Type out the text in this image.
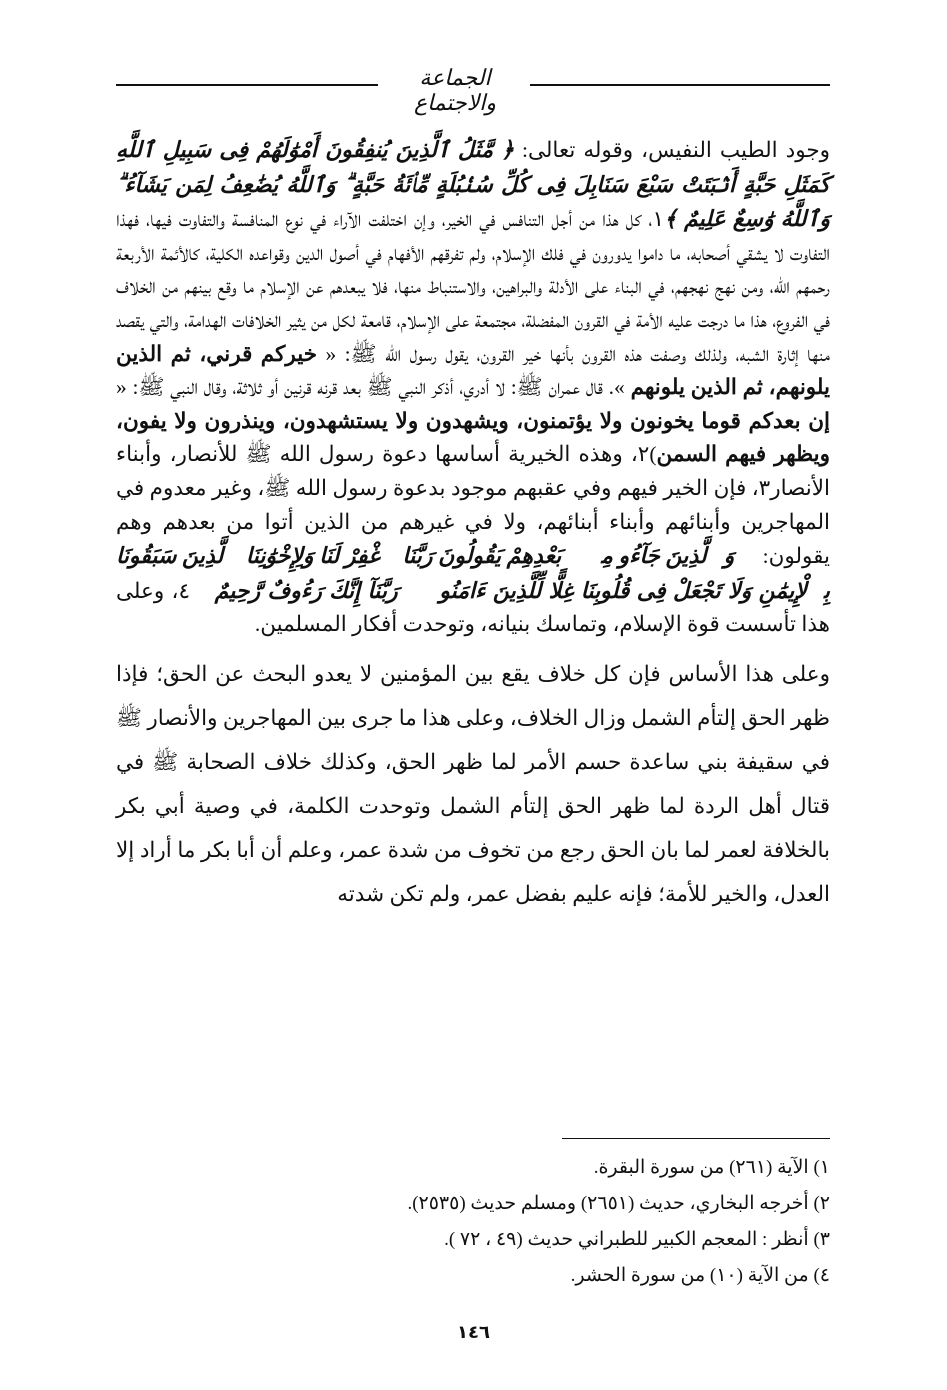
الجماعة والاجتماع

وجود الطيب النفيس، وقوله تعالى: ﴿ مَّثَلُ ٱلَّذِينَ يُنفِقُونَ أَمْوَٰلَهُمْ فِى سَبِيلِ ٱللَّهِ كَمَثَلِ حَبَّةٍ أَنۢبَتَتْ سَبْعَ سَنَابِلَ فِى كُلِّ سُنۢبُلَةٍ مِّا۟ئَةُ حَبَّةٍ ۗ وَٱللَّهُ يُضَٰعِفُ لِمَن يَشَآءُ ۗ وَٱللَّهُ وَٰسِعٌ عَلِيمٌ ﴾١، كل هذا من أجل التنافس في الخير، وإن اختلفت الآراء في نوع المنافسة والتفاوت فيها، فهذا التفاوت لا يشقي أصحابه، ما داموا يدورون في فلك الإسلام، ولم تفرقهم الأفهام في أصول الدين وقواعده الكلية، كالأئمة الأربعة رحمهم الله، ومن نهج نهجهم، في البناء على الأدلة والبراهين، والاستنباط منها، فلا يبعدهم عن الإسلام ما وقع بينهم من الخلاف في الفروع، هذا ما درجت عليه الأمة في القرون المفضلة، مجتمعة على الإسلام، قامعة لكل من يثير الخلافات الهدامة، والتي يقصد منها إثارة الشبه، ولذلك وصفت هذه القرون بأنها خير القرون، يقول رسول الله ﷺ: « خيركم قرني، ثم الذين يلونهم، ثم الذين يلونهم ». قال عمران ﷺ: لا أدري، أذكر النبي ﷺ بعد قرنه قرنين أو ثلاثة، وقال النبي ﷺ: « إن بعدكم قوما يخونون ولا يؤتمنون، ويشهدون ولا يستشهدون، وينذرون ولا يفون، ويظهر فيهم السمن)٢، وهذه الخيرية أساسها دعوة رسول الله ﷺ للأنصار، وأبناء الأنصار٣، فإن الخير فيهم وفي عقبهم موجود بدعوة رسول الله ﷺ، وغير معدوم في المهاجرين وأبنائهم وأبناء أبنائهم، ولا في غيرهم من الذين أتوا من بعدهم وهم يقولون: ﴿ وَٱلَّذِينَ جَآءُو مِنۢ بَعْدِهِمْ يَقُولُونَ رَبَّنَا ٱغْفِرْ لَنَا وَلِإِخْوَٰنِنَا ٱلَّذِينَ سَبَقُونَا بِٱلْإِيمَٰنِ وَلَا تَجْعَلْ فِى قُلُوبِنَا غِلًّا لِّلَّذِينَ ءَامَنُوا۟ رَبَّنَآ إِنَّكَ رَءُوفٌ رَّحِيمٌ ﴾٤، وعلى هذا تأسست قوة الإسلام، وتماسك بنيانه، وتوحدت أفكار المسلمين.

وعلى هذا الأساس فإن كل خلاف يقع بين المؤمنين لا يعدو البحث عن الحق؛ فإذا ظهر الحق إلتأم الشمل وزال الخلاف، وعلى هذا ما جرى بين المهاجرين والأنصار ﷺ في سقيفة بني ساعدة حسم الأمر لما ظهر الحق، وكذلك خلاف الصحابة ﷺ في قتال أهل الردة لما ظهر الحق إلتأم الشمل وتوحدت الكلمة، في وصية أبي بكر بالخلافة لعمر لما بان الحق رجع من تخوف من شدة عمر، وعلم أن أبا بكر ما أراد إلا العدل، والخير للأمة؛ فإنه عليم بفضل عمر، ولم تكن شدته

١) الآية (٢٦١) من سورة البقرة.
٢) أخرجه البخاري، حديث (٢٦٥١) ومسلم حديث (٢٥٣٥).
٣) أنظر : المعجم الكبير للطبراني حديث (٤٩ ، ٧٢ ).
٤) من الآية (١٠) من سورة الحشر.
١٤٦
